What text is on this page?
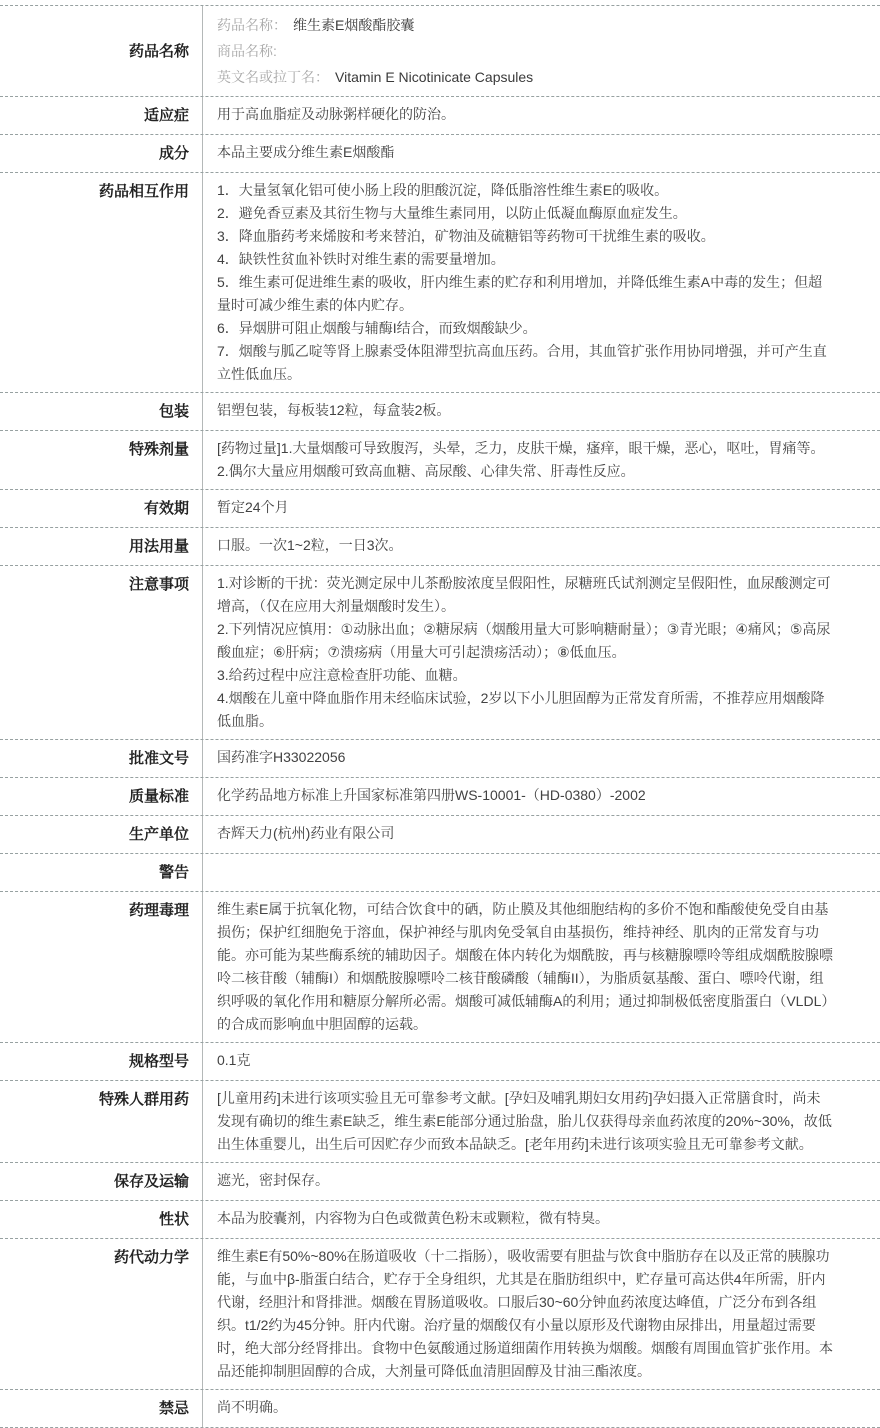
药品名称
药品名称： 维生素E烟酸酯胶囊
商品名称:
英文名或拉丁名： Vitamin E Nicotinicate Capsules
适应症	用于高血脂症及动脉粥样硬化的防治。
成分	本品主要成分维生素E烟酸酯
药品相互作用	1．大量氢氧化铝可使小肠上段的胆酸沉淀，降低脂溶性维生素E的吸收。
2．避免香豆素及其衍生物与大量维生素同用，以防止低凝血酶原血症发生。
3．降血脂药考来烯胺和考来替泊，矿物油及硫糖铝等药物可干扰维生素的吸收。
4．缺铁性贫血补铁时对维生素的需要量增加。
5．维生素可促进维生素的吸收，肝内维生素的贮存和利用增加，并降低维生素A中毒的发生；但超量时可减少维生素的体内贮存。
6．异烟肼可阻止烟酸与辅酶I结合，而致烟酸缺少。
7．烟酸与胍乙啶等肾上腺素受体阻滞型抗高血压药。合用，其血管扩张作用协同增强，并可产生直立性低血压。
包装	铝塑包装，每板装12粒，每盒装2板。
特殊剂量	[药物过量]1.大量烟酸可导致腹泻，头晕，乏力，皮肤干燥，瘙痒，眼干燥，恶心，呕吐，胃痛等。
2.偶尔大量应用烟酸可致高血糖、高尿酸、心律失常、肝毒性反应。
有效期	暂定24个月
用法用量	口服。一次1~2粒，一日3次。
注意事项	1.对诊断的干扰：荧光测定尿中儿茶酚胺浓度呈假阳性，尿糖班氏试剂测定呈假阳性，血尿酸测定可增高，（仅在应用大剂量烟酸时发生）。
2.下列情况应慎用：①动脉出血；②糖尿病（烟酸用量大可影响糖耐量）；③青光眼；④痛风；⑤高尿酸血症；⑥肝病；⑦溃疡病（用量大可引起溃疡活动）；⑧低血压。
3.给药过程中应注意检查肝功能、血糖。
4.烟酸在儿童中降血脂作用未经临床试验，2岁以下小儿胆固醇为正常发育所需，不推荐应用烟酸降低血脂。
批准文号	国药准字H33022056
质量标准	化学药品地方标准上升国家标准第四册WS-10001-（HD-0380）-2002
生产单位	杏辉天力(杭州)药业有限公司
警告
药理毒理	维生素E属于抗氧化物，可结合饮食中的硒，防止膜及其他细胞结构的多价不饱和酯酸使免受自由基损伤；保护红细胞免于溶血，保护神经与肌肉免受氧自由基损伤，维持神经、肌肉的正常发育与功能。亦可能为某些酶系统的辅助因子。烟酸在体内转化为烟酰胺，再与核糖腺嘌呤等组成烟酰胺腺嘌呤二核苷酸（辅酶I）和烟酰胺腺嘌呤二核苷酸磷酸（辅酶II），为脂质氨基酸、蛋白、嘌呤代谢，组织呼吸的氧化作用和糖原分解所必需。烟酸可减低辅酶A的利用；通过抑制极低密度脂蛋白（VLDL）的合成而影响血中胆固醇的运载。
规格型号	0.1克
特殊人群用药	[儿童用药]未进行该项实验且无可靠参考文献。[孕妇及哺乳期妇女用药]孕妇摄入正常膳食时，尚未发现有确切的维生素E缺乏，维生素E能部分通过胎盘，胎儿仅获得母亲血药浓度的20%~30%，故低出生体重婴儿，出生后可因贮存少而致本品缺乏。[老年用药]未进行该项实验且无可靠参考文献。
保存及运输	遮光，密封保存。
性状	本品为胶囊剂，内容物为白色或微黄色粉末或颗粒，微有特臭。
药代动力学	维生素E有50%~80%在肠道吸收（十二指肠），吸收需要有胆盐与饮食中脂肪存在以及正常的胰腺功能，与血中β-脂蛋白结合，贮存于全身组织，尤其是在脂肪组织中，贮存量可高达供4年所需，肝内代谢，经胆汁和肾排泄。烟酸在胃肠道吸收。口服后30~60分钟血药浓度达峰值，广泛分布到各组织。t1/2约为45分钟。肝内代谢。治疗量的烟酸仅有小量以原形及代谢物由尿排出，用量超过需要时，绝大部分经肾排出。食物中色氨酸通过肠道细菌作用转换为烟酸。烟酸有周围血管扩张作用。本品还能抑制胆固醇的合成，大剂量可降低血清胆固醇及甘油三酯浓度。
禁忌	尚不明确。
